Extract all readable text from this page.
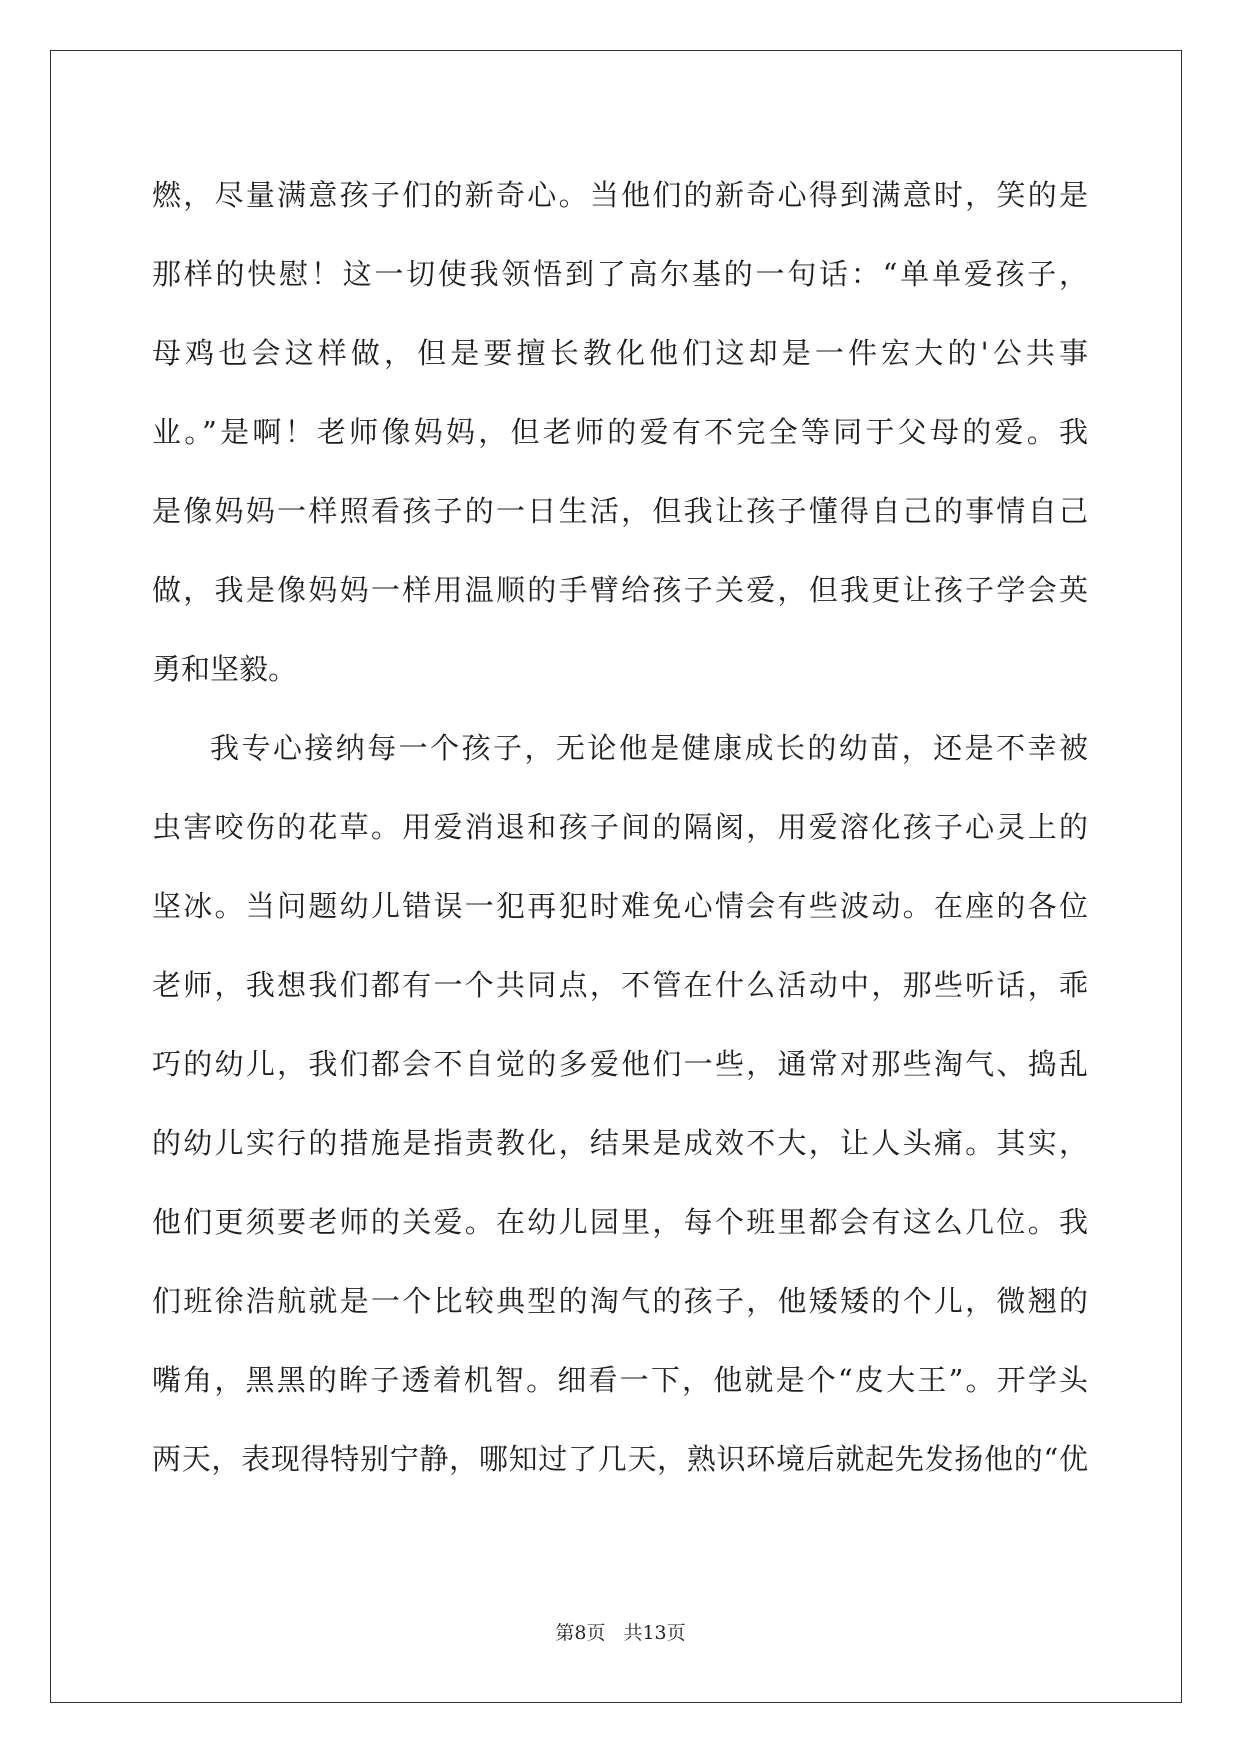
燃，尽量满意孩子们的新奇心。当他们的新奇心得到满意时，笑的是
那样的快慰！这一切使我领悟到了高尔基的一句话：“单单爱孩子，
母鸡也会这样做，但是要擅长教化他们这却是一件宏大的'公共事
业。”是啊！老师像妈妈，但老师的爱有不完全等同于父母的爱。我
是像妈妈一样照看孩子的一日生活，但我让孩子懂得自己的事情自己
做，我是像妈妈一样用温顺的手臂给孩子关爱，但我更让孩子学会英
勇和坚毅。
我专心接纳每一个孩子，无论他是健康成长的幼苗，还是不幸被
虫害咬伤的花草。用爱消退和孩子间的隔阂，用爱溶化孩子心灵上的
坚冰。当问题幼儿错误一犯再犯时难免心情会有些波动。在座的各位
老师，我想我们都有一个共同点，不管在什么活动中，那些听话，乖
巧的幼儿，我们都会不自觉的多爱他们一些，通常对那些淘气、捣乱
的幼儿实行的措施是指责教化，结果是成效不大，让人头痛。其实，
他们更须要老师的关爱。在幼儿园里，每个班里都会有这么几位。我
们班徐浩航就是一个比较典型的淘气的孩子，他矮矮的个儿，微翘的
嘴角，黑黑的眸子透着机智。细看一下，他就是个“皮大王”。开学头
两天，表现得特别宁静，哪知过了几天，熟识环境后就起先发扬他的“优
第8页 共13页
